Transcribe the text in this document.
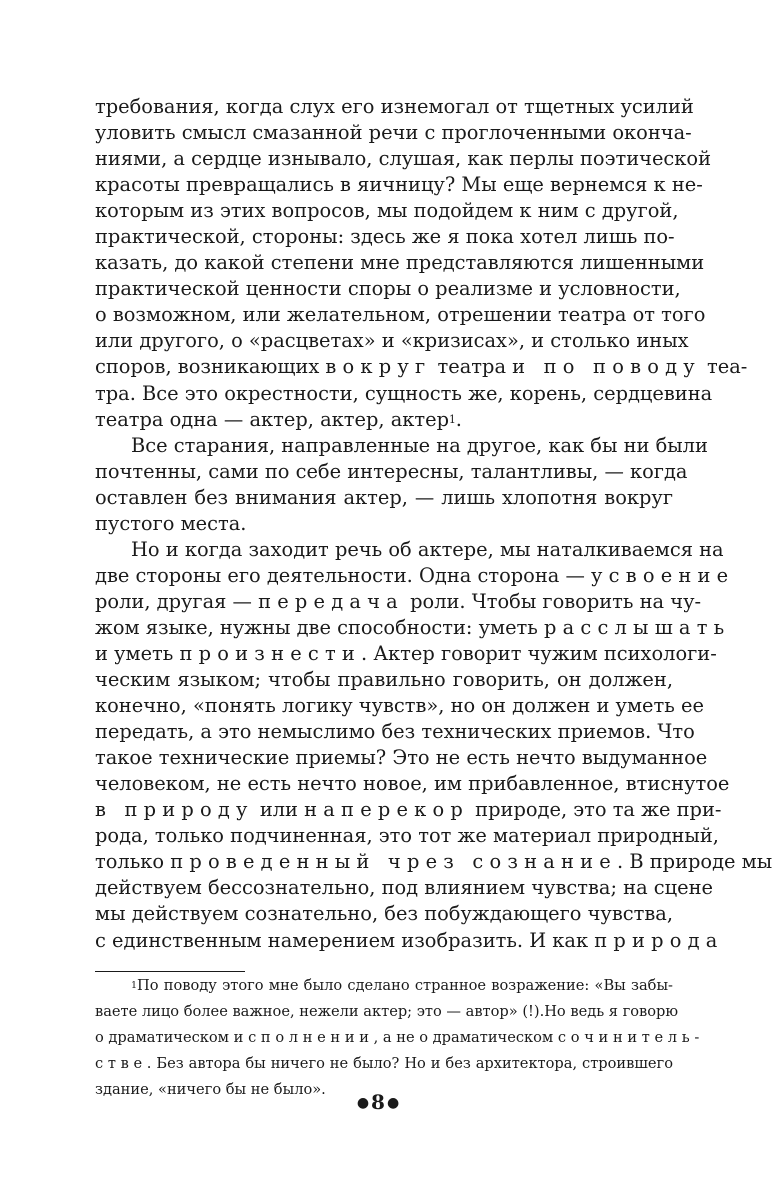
требования, когда слух его изнемогал от тщетных усилий
уловить смысл смазанной речи с проглоченными оконча-
ниями, а сердце изнывало, слушая, как перлы поэтической
красоты превращались в яичницу? Мы еще вернемся к не-
которым из этих вопросов, мы подойдем к ним с другой,
практической, стороны: здесь же я пока хотел лишь по-
казать, до какой степени мне представляются лишенными
практической ценности споры о реализме и условности,
о возможном, или желательном, отрешении театра от того
или другого, о «расцветах» и «кризисах», и столько иных
споров, возникающих вокруг театра и по поводу теа-
тра. Все это окрестности, сущность же, корень, сердцевина
театра одна — актер, актер, актер$^1$.
Все старания, направленные на другое, как бы ни были
почтенны, сами по себе интересны, талантливы, — когда
оставлен без внимания актер, — лишь хлопотня вокруг
пустого места.
Но и когда заходит речь об актере, мы наталкиваемся на
две стороны его деятельности. Одна сторона — усвоение
роли, другая — передача роли. Чтобы говорить на чу-
жом языке, нужны две способности: уметь расслышать
и уметь произнести. Актер говорит чужим психологи-
ческим языком; чтобы правильно говорить, он должен,
конечно, «понять логику чувств», но он должен и уметь ее
передать, а это немыслимо без технических приемов. Что
такое технические приемы? Это не есть нечто выдуманное
человеком, не есть нечто новое, им прибавленное, втиснутое
в природу или наперекор природе, это та же при-
рода, только подчиненная, это тот же материал природный,
только проведенный чрез сознание. В природе мы
действуем бессознательно, под влиянием чувства; на сцене
мы действуем сознательно, без побуждающего чувства,
с единственным намерением изобразить. И как природа
$^1$По поводу этого мне было сделано странное возражение: «Вы забы-
ваете лицо более важное, нежели актер; это — автор» (!).Но ведь я говорю
о драматическом исполнении, а не о драматическом сочинитель-
стве. Без автора бы ничего не было? Но и без архитектора, строившего
здание, «ничего бы не было».
● 8 ●
